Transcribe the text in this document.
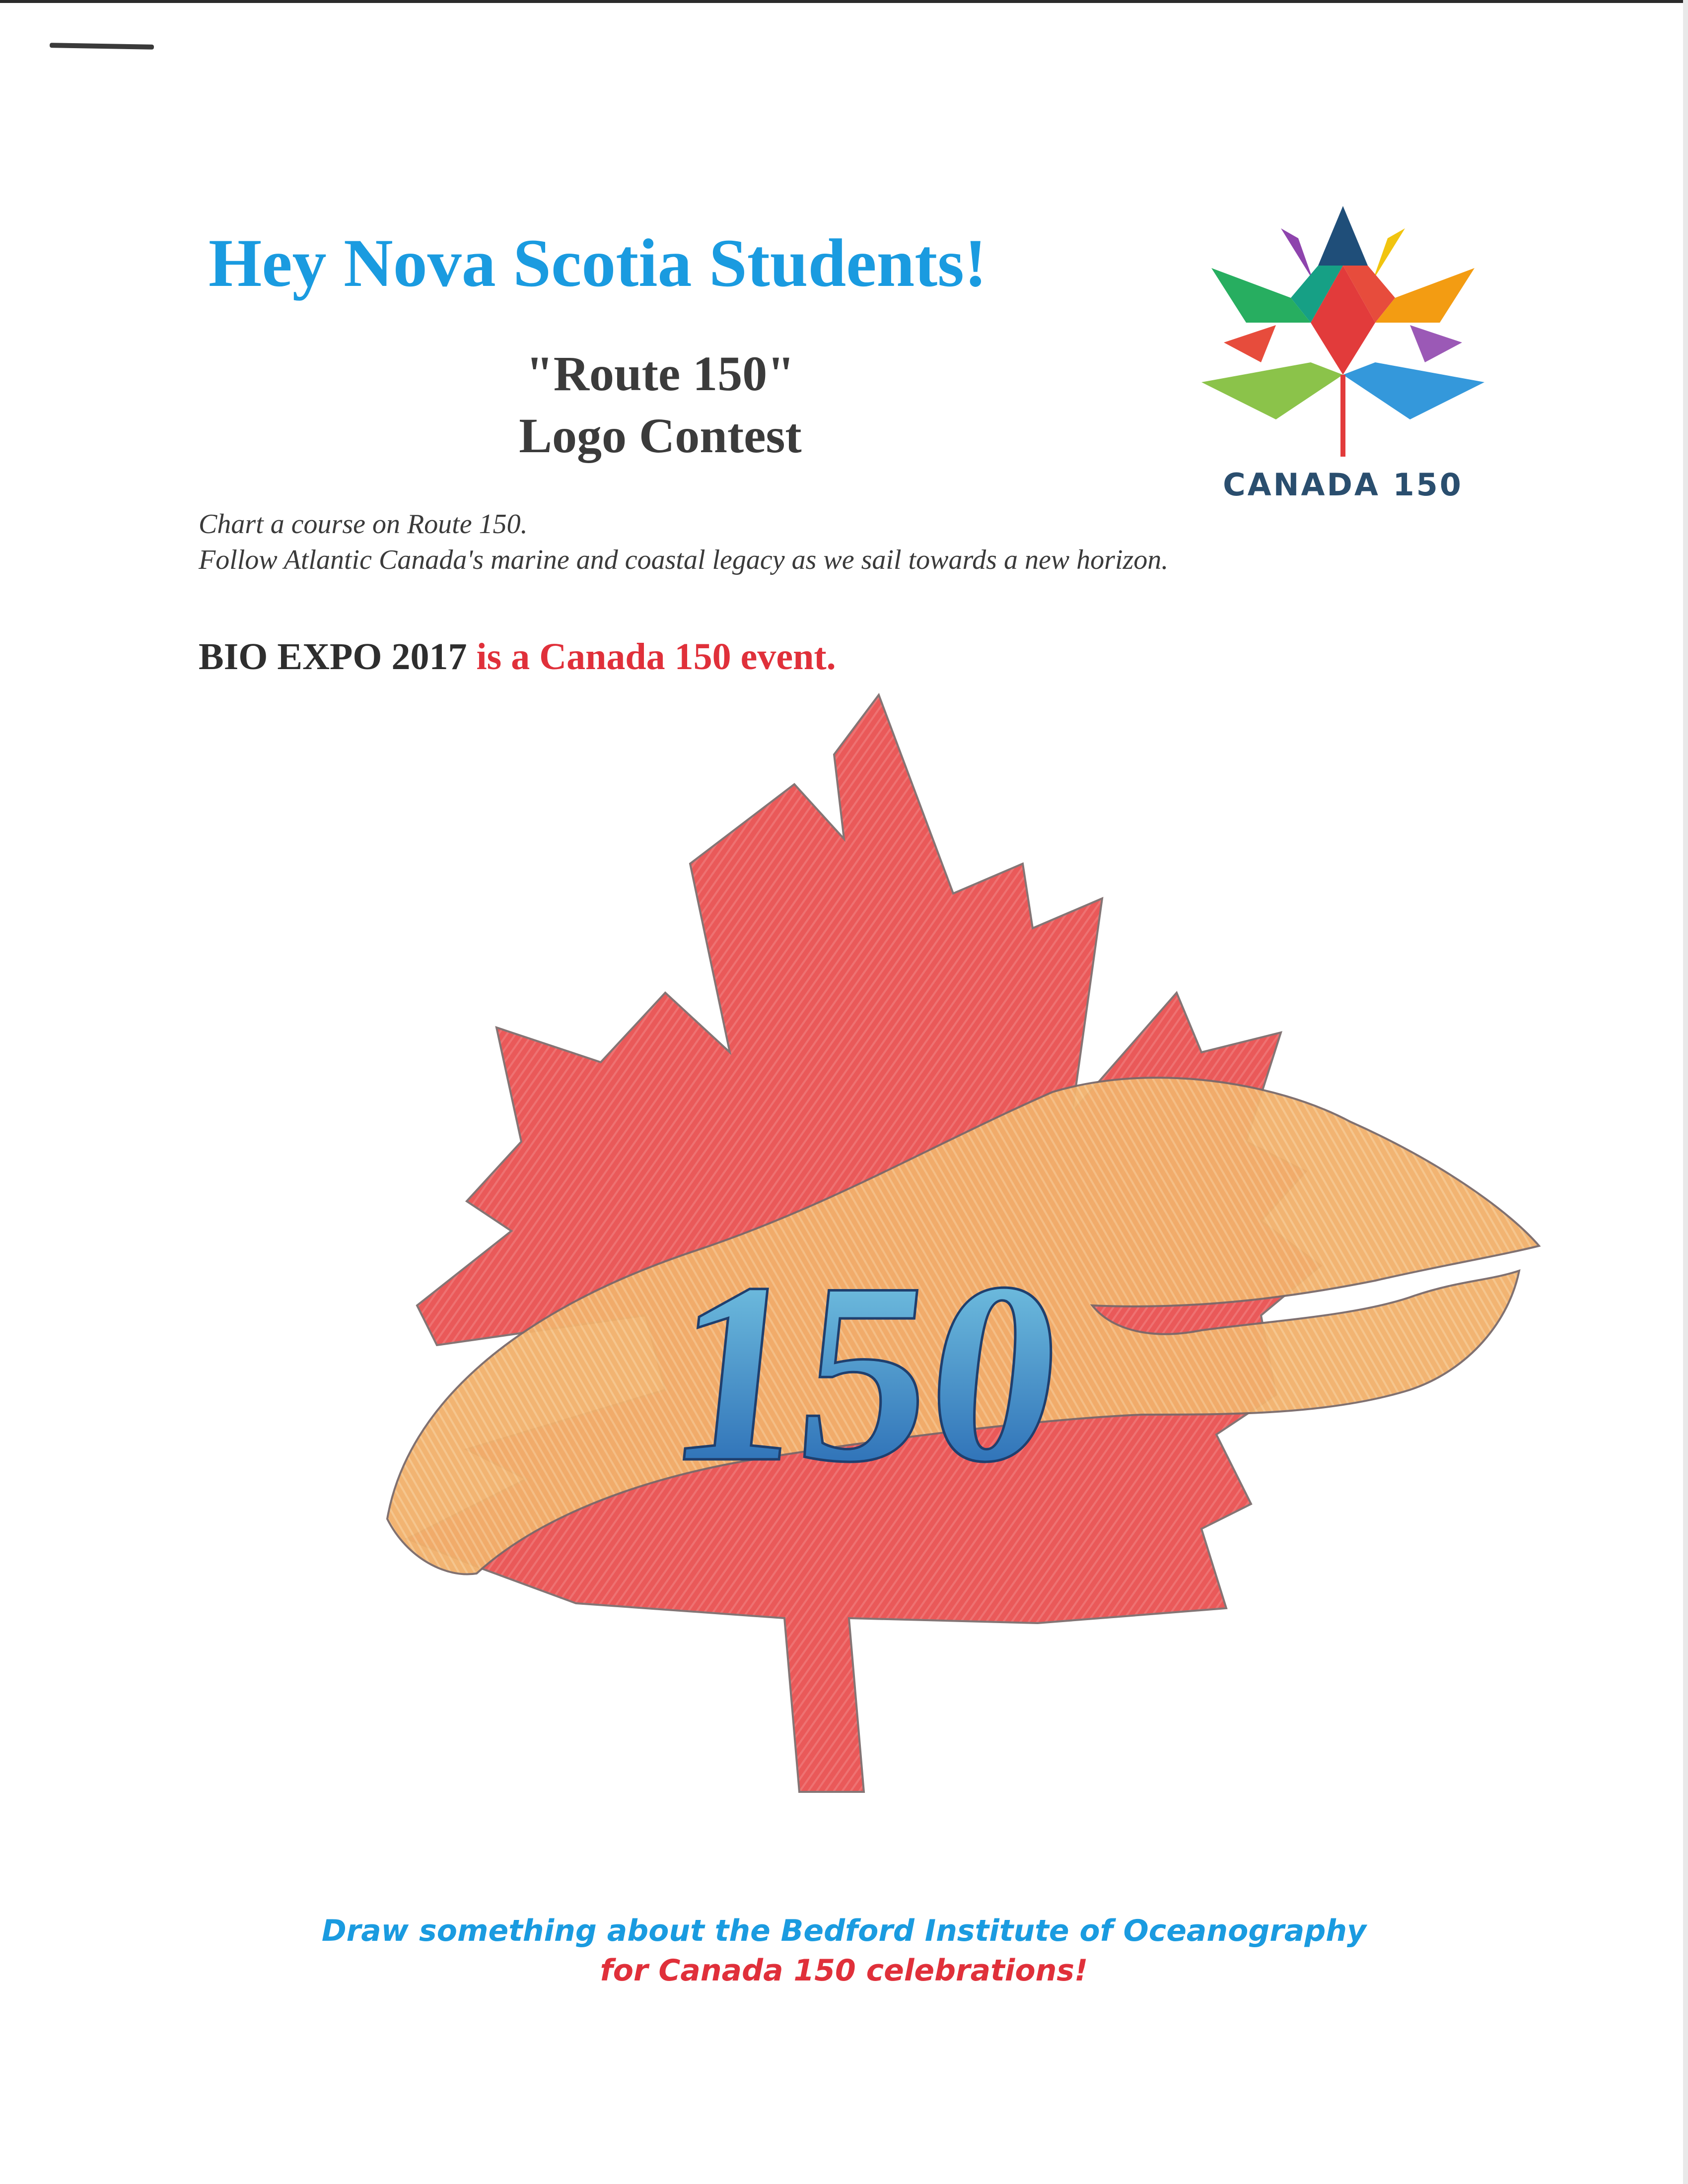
Hey Nova Scotia Students!
"Route 150"
Logo Contest
CANADA 150
Chart a course on Route 150.
Follow Atlantic Canada's marine and coastal legacy as we sail towards a new horizon.
BIO EXPO 2017 is a Canada 150 event.
150
Draw something about the Bedford Institute of Oceanography
for Canada 150 celebrations!
